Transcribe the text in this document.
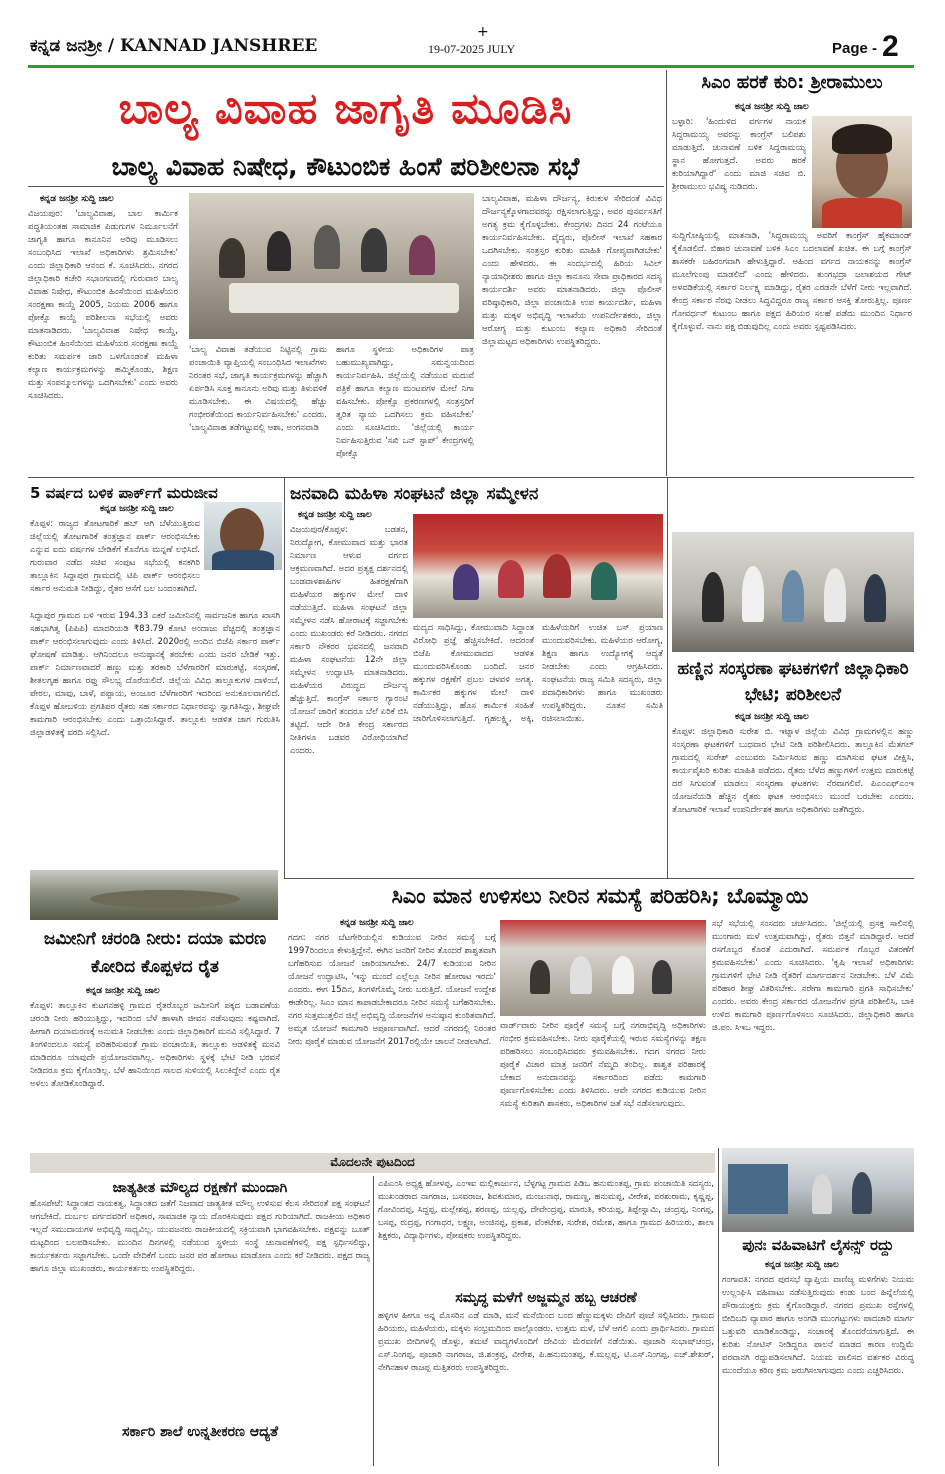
ಕನ್ನಡ ಜನಶ್ರೀ / KANNAD JANSHREE
+
19-07-2025 JULY	Page - 2
ಬಾಲ್ಯ ವಿವಾಹ ಜಾಗೃತಿ ಮೂಡಿಸಿ
ಬಾಲ್ಯ ವಿವಾಹ ನಿಷೇಧ, ಕೌಟುಂಬಿಕ ಹಿಂಸೆ ಪರಿಶೀಲನಾ ಸಭೆ
ಕನ್ನಡ ಜನಶ್ರೀ ಸುದ್ದಿ ಜಾಲ
ವಿಜಯಪುರ: 'ಬಾಲ್ಯವಿವಾಹ, ಬಾಲ ಕಾರ್ಮಿಕ ಪದ್ಧತಿಯಂತಹ ಸಾಮಾಜಿಕ ಪಿಡುಗುಗಳ ನಿರ್ಮೂಲನೆಗೆ ಜಾಗೃತಿ ಹಾಗೂ ಕಾನೂನಿನ ಅರಿವು ಮೂಡಿಸಲು ಸಂಬಂಧಿಸಿದ ಇಲಾಖೆ ಅಧಿಕಾರಿಗಳು ಶ್ರಮಿಸಬೇಕು' ಎಂದು ಜಿಲ್ಲಾಧಿಕಾರಿ ಆನಂದ ಕೆ. ಸೂಚಿಸಿದರು. ನಗರದ ಜಿಲ್ಲಾಧಿಕಾರಿ ಕಚೇರಿ ಸಭಾಂಗಣದಲ್ಲಿ ಗುರುವಾರ ಬಾಲ್ಯ ವಿವಾಹ ನಿಷೇಧ, ಕೌಟುಂಬಿಕ ಹಿಂಸೆಯಿಂದ ಮಹಿಳೆಯರ ಸಂರಕ್ಷಣಾ ಕಾಯ್ದೆ 2005, ನಿಯಮ 2006 ಹಾಗೂ ಪೋಕ್ಸೊ ಕಾಯ್ದೆ ಪರಿಶೀಲನಾ ಸಭೆಯಲ್ಲಿ ಅವರು ಮಾತನಾಡಿದರು. 'ಬಾಲ್ಯವಿವಾಹ ನಿಷೇಧ ಕಾಯ್ದೆ, ಕೌಟುಂಬಿಕ ಹಿಂಸೆಯಿಂದ ಮಹಿಳೆಯರ ಸಂರಕ್ಷಣಾ ಕಾಯ್ದೆ ಕುರಿತು ಸಮರ್ಪಕ ಜಾರಿ ಒಳಗೊಂಡಂತೆ ಮಹಿಳಾ ಕಲ್ಯಾಣ ಕಾರ್ಯಕ್ರಮಗಳನ್ನು ಹಮ್ಮಿಕೊಂಡು, ಶಿಕ್ಷಣ ಮತ್ತು ಸಂಪನ್ಮೂಲಗಳನ್ನು ಒದಗಿಸಬೇಕು' ಎಂದು ಅವರು ಸೂಚಿಸಿದರು.
'ಬಾಲ್ಯ ವಿವಾಹ ತಡೆಯುವ ನಿಟ್ಟಿನಲ್ಲಿ ಗ್ರಾಮ ಪಂಚಾಯಿತಿ ವ್ಯಾಪ್ತಿಯಲ್ಲಿ ಸಂಬಂಧಿಸಿದ ಇಲಾಖೆಗಳು ನಿರಂತರ ಸಭೆ, ಜಾಗೃತಿ ಕಾರ್ಯಕ್ರಮಗಳನ್ನು ಹೆಚ್ಚಾಗಿ ಏರ್ಪಡಿಸಿ ಸೂಕ್ತ ಕಾನೂನು ಅರಿವು ಮತ್ತು ತಿಳುವಳಿಕೆ ಮೂಡಿಸಬೇಕು. ಈ ವಿಷಯದಲ್ಲಿ ಹೆಚ್ಚು ಗಂಭೀರತೆಯಿಂದ ಕಾರ್ಯನಿರ್ವಹಿಸಬೇಕು' ಎಂದರು. 'ಬಾಲ್ಯವಿವಾಹ ತಡೆಗಟ್ಟುವಲ್ಲಿ ಆಶಾ, ಅಂಗನವಾಡಿ
ಹಾಗೂ ಸ್ಥಳೀಯ ಅಧಿಕಾರಿಗಳ ಪಾತ್ರ ಬಹುಮುಖ್ಯವಾಗಿದ್ದು, ಸಮನ್ವಯದಿಂದ ಕಾರ್ಯನಿರ್ವಹಿಸಿ. ಜಿಲ್ಲೆಯಲ್ಲಿ ನಡೆಯುವ ಮದುವೆ ಪತ್ರಿಕೆ ಹಾಗೂ ಕಲ್ಯಾಣ ಮಂಟಪಗಳ ಮೇಲೆ ನಿಗಾ ವಹಿಸಬೇಕು. ಪೋಕ್ಸೊ ಪ್ರಕರಣಗಳಲ್ಲಿ ಸಂತ್ರಸ್ತರಿಗೆ ತ್ವರಿತ ನ್ಯಾಯ ಒದಗಿಸಲು ಕ್ರಮ ವಹಿಸಬೇಕು' ಎಂದು ಸೂಚಿಸಿದರು. 'ಜಿಲ್ಲೆಯಲ್ಲಿ ಕಾರ್ಯ ನಿರ್ವಹಿಸುತ್ತಿರುವ 'ಸಖಿ ಒನ್ ಸ್ಟಾಪ್' ಕೇಂದ್ರಗಳಲ್ಲಿ ಪೋಕ್ಸೊ
ಬಾಲ್ಯವಿವಾಹ, ಮಹಿಳಾ ದೌರ್ಜನ್ಯ, ಕಿರುಕುಳ ಸೇರಿದಂತೆ ವಿವಿಧ ದೌರ್ಜನ್ಯಕ್ಕೊಳಗಾದವರನ್ನು ರಕ್ಷಿಸಲಾಗುತ್ತಿದ್ದು, ಅವರ ಪುನರ್ವಸತಿಗೆ ಅಗತ್ಯ ಕ್ರಮ ಕೈಗೊಳ್ಳಬೇಕು. ಕೇಂದ್ರಗಳು ದಿನದ 24 ಗಂಟೆಯೂ ಕಾರ್ಯನಿರ್ವಹಿಸಬೇಕು. ವೈದ್ಯರು, ಪೊಲೀಸ್ ಇಲಾಖೆ ಸಹಕಾರ ಒದಗಿಸಬೇಕು. ಸಂತ್ರಸ್ತರ ಕುರಿತು ಮಾಹಿತಿ ಗೋಪ್ಯವಾಗಿಡಬೇಕು' ಎಂದು ಹೇಳಿದರು. ಈ ಸಂದರ್ಭದಲ್ಲಿ ಹಿರಿಯ ಸಿವಿಲ್ ನ್ಯಾಯಾಧೀಶರು ಹಾಗೂ ಜಿಲ್ಲಾ ಕಾನೂನು ಸೇವಾ ಪ್ರಾಧಿಕಾರದ ಸದಸ್ಯ ಕಾರ್ಯದರ್ಶಿ ಅವರು ಮಾತನಾಡಿದರು. ಜಿಲ್ಲಾ ಪೊಲೀಸ್ ವರಿಷ್ಠಾಧಿಕಾರಿ, ಜಿಲ್ಲಾ ಪಂಚಾಯಿತಿ ಉಪ ಕಾರ್ಯದರ್ಶಿ, ಮಹಿಳಾ ಮತ್ತು ಮಕ್ಕಳ ಅಭಿವೃದ್ಧಿ ಇಲಾಖೆಯ ಉಪನಿರ್ದೇಶಕರು, ಜಿಲ್ಲಾ ಆರೋಗ್ಯ ಮತ್ತು ಕುಟುಂಬ ಕಲ್ಯಾಣ ಅಧಿಕಾರಿ ಸೇರಿದಂತೆ ಜಿಲ್ಲಾಮಟ್ಟದ ಅಧಿಕಾರಿಗಳು ಉಪಸ್ಥಿತರಿದ್ದರು.
ಸಿಎಂ ಹರಕೆ ಕುರಿ: ಶ್ರೀರಾಮುಲು
ಕನ್ನಡ ಜನಶ್ರೀ ಸುದ್ದಿ ಜಾಲ
ಬಳ್ಳಾರಿ: 'ಹಿಂದುಳಿದ ವರ್ಗಗಳ ನಾಯಕ ಸಿದ್ದರಾಮಯ್ಯ ಅವರನ್ನು ಕಾಂಗ್ರೆಸ್ ಬಲಿಪಶು ಮಾಡುತ್ತಿದೆ. ಚುನಾವಣೆ ಬಳಿಕ ಸಿದ್ದರಾಮಯ್ಯ ಸ್ಥಾನ ಹೋಗುತ್ತದೆ. ಅವರು ಹರಕೆ ಕುರಿಯಾಗಿದ್ದಾರೆ' ಎಂದು ಮಾಜಿ ಸಚಿವ ಬಿ. ಶ್ರೀರಾಮುಲು ಭವಿಷ್ಯ ನುಡಿದರು.
ಸುದ್ದಿಗೋಷ್ಠಿಯಲ್ಲಿ ಮಾತನಾಡಿ, 'ಸಿದ್ದರಾಮಯ್ಯ ಅವರಿಗೆ ಕಾಂಗ್ರೆಸ್ ಹೈಕಮಾಂಡ್ ಕೈಕೊಡಲಿದೆ. ಬಿಹಾರ ಚುನಾವಣೆ ಬಳಿಕ ಸಿಎಂ ಬದಲಾವಣೆ ಖಚಿತ. ಈ ಬಗ್ಗೆ ಕಾಂಗ್ರೆಸ್ ಶಾಸಕರೇ ಬಹಿರಂಗವಾಗಿ ಹೇಳುತ್ತಿದ್ದಾರೆ. ಅಹಿಂದ ವರ್ಗದ ನಾಯಕನನ್ನು ಕಾಂಗ್ರೆಸ್ ಮೂಲೆಗುಂಪು ಮಾಡಲಿದೆ' ಎಂದು ಹೇಳಿದರು. ತುಂಗಭದ್ರಾ ಜಲಾಶಯದ ಗೇಟ್ ಅಳವಡಿಕೆಯಲ್ಲಿ ಸರ್ಕಾರ ನಿರ್ಲಕ್ಷ್ಯ ಮಾಡಿದ್ದು, ರೈತರ ಎರಡನೇ ಬೆಳೆಗೆ ನೀರು ಇಲ್ಲವಾಗಿದೆ. ಕೇಂದ್ರ ಸರ್ಕಾರ ನೆರವು ನೀಡಲು ಸಿದ್ಧವಿದ್ದರೂ ರಾಜ್ಯ ಸರ್ಕಾರ ಆಸಕ್ತಿ ತೋರುತ್ತಿಲ್ಲ. ಪೂರ್ಣ ಗೋವರ್ಧನ್ ಕುಟುಂಬ ಹಾಗೂ ಪಕ್ಷದ ಹಿರಿಯರ ಸಲಹೆ ಪಡೆದು ಮುಂದಿನ ನಿರ್ಧಾರ ಕೈಗೊಳ್ಳುವೆ. ನಾನು ಪಕ್ಷ ಬಿಡುವುದಿಲ್ಲ ಎಂದು ಅವರು ಸ್ಪಷ್ಟಪಡಿಸಿದರು.
5 ವರ್ಷದ ಬಳಿಕ ಪಾರ್ಕ್‌ಗೆ ಮರುಜೀವ
ಕನ್ನಡ ಜನಶ್ರೀ ಸುದ್ದಿ ಜಾಲ
ಕೊಪ್ಪಳ: ರಾಜ್ಯದ ತೋಟಗಾರಿಕೆ ಹಬ್ ಆಗಿ ಬೆಳೆಯುತ್ತಿರುವ ಜಿಲ್ಲೆಯಲ್ಲಿ ತೋಟಗಾರಿಕೆ ತಂತ್ರಜ್ಞಾನ ಪಾರ್ಕ್ ಆರಂಭಿಸಬೇಕು ಎನ್ನುವ ಐದು ವರ್ಷಗಳ ಬೇಡಿಕೆಗೆ ಕೊನೆಗೂ ಮನ್ನಣೆ ಲಭಿಸಿದೆ. ಗುರುವಾರ ನಡೆದ ಸಚಿವ ಸಂಪುಟ ಸಭೆಯಲ್ಲಿ ಕನಕಗಿರಿ ತಾಲ್ಲೂಕಿನ ಸಿದ್ದಾಪುರ ಗ್ರಾಮದಲ್ಲಿ ಟಿಪಿ ಪಾರ್ಕ್ ಆರಂಭಿಸಲು ಸರ್ಕಾರ ಅನುಮತಿ ನೀಡಿದ್ದು, ರೈತರ ಆಸೆಗೆ ಬಲ ಬಂದಂತಾಗಿದೆ.
ಸಿದ್ದಾಪುರ ಗ್ರಾಮದ ಬಳಿ ಇರುವ 194.33 ಎಕರೆ ಜಮೀನಿನಲ್ಲಿ ಸಾರ್ವಜನಿಕ ಹಾಗೂ ಖಾಸಗಿ ಸಹಭಾಗಿತ್ವ (ಪಿಪಿಪಿ) ಮಾದರಿಯಡಿ ₹83.79 ಕೋಟಿ ಅಂದಾಜು ವೆಚ್ಚದಲ್ಲಿ ತಂತ್ರಜ್ಞಾನ ಪಾರ್ಕ್ ಆರಂಭಿಸಲಾಗುವುದು ಎಂದು ತಿಳಿಸಿದೆ. 2020ರಲ್ಲಿ ಅಂದಿನ ಬಿಜೆಪಿ ಸರ್ಕಾರ ಪಾರ್ಕ್ ಘೋಷಣೆ ಮಾಡಿತ್ತು. ಆಗಿನಿಂದಲೂ ಅನುಷ್ಠಾನಕ್ಕೆ ತರಬೇಕು ಎಂದು ಜನರ ಬೇಡಿಕೆ ಇತ್ತು. ಪಾರ್ಕ್ ನಿರ್ಮಾಣವಾದರೆ ಹಣ್ಣು ಮತ್ತು ತರಕಾರಿ ಬೆಳೆಗಾರರಿಗೆ ಮಾರುಕಟ್ಟೆ, ಸಂಸ್ಕರಣೆ, ಶೀತಲಗೃಹ ಹಾಗೂ ರಫ್ತು ಸೌಲಭ್ಯ ದೊರೆಯಲಿದೆ. ಜಿಲ್ಲೆಯ ವಿವಿಧ ತಾಲ್ಲೂಕುಗಳ ದಾಳಿಂಬೆ, ಪೇರಲ, ಮಾವು, ಬಾಳೆ, ಪಪ್ಪಾಯ, ಅಂಜೂರ ಬೆಳೆಗಾರರಿಗೆ ಇದರಿಂದ ಅನುಕೂಲವಾಗಲಿದೆ. ಕೊಪ್ಪಳ ಹೋಬಳಿಯ ಪ್ರಗತಿಪರ ರೈತರು ಸಹ ಸರ್ಕಾರದ ನಿರ್ಧಾರವನ್ನು ಸ್ವಾಗತಿಸಿದ್ದು, ಶೀಘ್ರವೇ ಕಾಮಗಾರಿ ಆರಂಭಿಸಬೇಕು ಎಂದು ಒತ್ತಾಯಿಸಿದ್ದಾರೆ. ತಾಲ್ಲೂಕು ಆಡಳಿತ ಜಾಗ ಗುರುತಿಸಿ ಜಿಲ್ಲಾಡಳಿತಕ್ಕೆ ವರದಿ ಸಲ್ಲಿಸಿದೆ.
ಜಮೀನಿಗೆ ಚರಂಡಿ ನೀರು: ದಯಾ ಮರಣ ಕೋರಿದ ಕೊಪ್ಪಳದ ರೈತ
ಕನ್ನಡ ಜನಶ್ರೀ ಸುದ್ದಿ ಜಾಲ
ಕೊಪ್ಪಳ: ತಾಲ್ಲೂಕಿನ ಕುಟಗನಹಳ್ಳಿ ಗ್ರಾಮದ ರೈತರೊಬ್ಬರ ಜಮೀನಿಗೆ ಪಕ್ಕದ ಬಡಾವಣೆಯ ಚರಂಡಿ ನೀರು ಹರಿಯುತ್ತಿದ್ದು, ಇದರಿಂದ ಬೆಳೆ ಹಾಳಾಗಿ ಜೀವನ ನಡೆಸುವುದು ಕಷ್ಟವಾಗಿದೆ. ಹೀಗಾಗಿ ದಯಾಮರಣಕ್ಕೆ ಅನುಮತಿ ನೀಡಬೇಕು ಎಂದು ಜಿಲ್ಲಾಧಿಕಾರಿಗೆ ಮನವಿ ಸಲ್ಲಿಸಿದ್ದಾರೆ. 7 ತಿಂಗಳಿಂದಲೂ ಸಮಸ್ಯೆ ಪರಿಹರಿಸುವಂತೆ ಗ್ರಾಮ ಪಂಚಾಯಿತಿ, ತಾಲ್ಲೂಕು ಆಡಳಿತಕ್ಕೆ ಮನವಿ ಮಾಡಿದರೂ ಯಾವುದೇ ಪ್ರಯೋಜನವಾಗಿಲ್ಲ. ಅಧಿಕಾರಿಗಳು ಸ್ಥಳಕ್ಕೆ ಭೇಟಿ ನೀಡಿ ಭರವಸೆ ನೀಡಿದರೂ ಕ್ರಮ ಕೈಗೊಂಡಿಲ್ಲ. ಬೆಳೆ ಹಾನಿಯಿಂದ ಸಾಲದ ಸುಳಿಯಲ್ಲಿ ಸಿಲುಕಿದ್ದೇನೆ ಎಂದು ರೈತ ಅಳಲು ತೋಡಿಕೊಂಡಿದ್ದಾರೆ.
ಜನವಾದಿ ಮಹಿಳಾ ಸಂಘಟನೆ ಜಿಲ್ಲಾ ಸಮ್ಮೇಳನ
ಕನ್ನಡ ಜನಶ್ರೀ ಸುದ್ದಿ ಜಾಲ
ವಿಜಯಪುರ/ಕೊಪ್ಪಳ: ಬಡತನ, ನಿರುದ್ಯೋಗ, ಕೋಮುವಾದ ಮತ್ತು ಭಾರತ ನಿರ್ಮಾಣ ಆಳುವ ವರ್ಗದ ಆಕ್ರಮಣವಾಗಿದೆ. ಅದರ ಪ್ರತ್ಯಕ್ಷ ದರ್ಶನದಲ್ಲಿ ಬಂಡವಾಳಶಾಹಿಗಳ ಹಿತರಕ್ಷಣೆಗಾಗಿ ಮಹಿಳೆಯರ ಹಕ್ಕುಗಳ ಮೇಲೆ ದಾಳಿ ನಡೆಯುತ್ತಿದೆ. ಮಹಿಳಾ ಸಂಘಟನೆ ಜಿಲ್ಲಾ ಸಮ್ಮೇಳನ ನಡೆಸಿ ಹೋರಾಟಕ್ಕೆ ಸಜ್ಜಾಗಬೇಕು ಎಂದು ಮುಖಂಡರು ಕರೆ ನೀಡಿದರು. ನಗರದ ಸರ್ಕಾರಿ ನೌಕರರ ಭವನದಲ್ಲಿ ಜನವಾದಿ ಮಹಿಳಾ ಸಂಘಟನೆಯ 12ನೇ ಜಿಲ್ಲಾ ಸಮ್ಮೇಳನ ಉದ್ಘಾಟಿಸಿ ಮಾತನಾಡಿದರು. ಮಹಿಳೆಯರ ವಿರುದ್ಧದ ದೌರ್ಜನ್ಯ ಹೆಚ್ಚುತ್ತಿದೆ. ಕಾಂಗ್ರೆಸ್ ಸರ್ಕಾರ ಗ್ಯಾರಂಟಿ ಯೋಜನೆ ಜಾರಿಗೆ ತಂದರೂ ಬೆಲೆ ಏರಿಕೆ ಬಿಸಿ ತಟ್ಟಿದೆ. ಆದೇ ರೀತಿ ಕೇಂದ್ರ ಸರ್ಕಾರದ ನೀತಿಗಳೂ ಬಡವರ ವಿರೋಧಿಯಾಗಿವೆ ಎಂದರು.
ಮದ್ಯದ ಸಾಧಿಸಿದ್ದು, ಕೋಮುವಾದಿ ಸಿದ್ಧಾಂತ ವಿರೋಧಿ ಪ್ರಜ್ಞೆ ಹೆಚ್ಚಿಸಬೇಕಿದೆ. ಆದರಂತೆ ಬಿಜೆಪಿ ಕೋಮುವಾದದ ಆಡಳಿತ ಮುಂದುವರಿಸಿಕೊಂಡು ಬಂದಿದೆ. ಜನರ ಹಕ್ಕುಗಳ ರಕ್ಷಣೆಗೆ ಪ್ರಬಲ ಚಳವಳಿ ಅಗತ್ಯ. ಕಾರ್ಮಿಕರ ಹಕ್ಕುಗಳ ಮೇಲೆ ದಾಳಿ ನಡೆಯುತ್ತಿದ್ದು, ಹೊಸ ಕಾರ್ಮಿಕ ಸಂಹಿತೆ ಜಾರಿಗೊಳಿಸಲಾಗುತ್ತಿದೆ. ಗೃಹಲಕ್ಷ್ಮಿ, ಅಕ್ಕಿ, ಮಹಿಳೆಯರಿಗೆ ಉಚಿತ ಬಸ್ ಪ್ರಯಾಣ ಮುಂದುವರಿಸಬೇಕು. ಮಹಿಳೆಯರ ಆರೋಗ್ಯ, ಶಿಕ್ಷಣ ಹಾಗೂ ಉದ್ಯೋಗಕ್ಕೆ ಆದ್ಯತೆ ನೀಡಬೇಕು ಎಂದು ಆಗ್ರಹಿಸಿದರು. ಸಂಘಟನೆಯ ರಾಜ್ಯ ಸಮಿತಿ ಸದಸ್ಯರು, ಜಿಲ್ಲಾ ಪದಾಧಿಕಾರಿಗಳು ಹಾಗೂ ಮುಖಂಡರು ಉಪಸ್ಥಿತರಿದ್ದರು. ನೂತನ ಸಮಿತಿ ರಚಿಸಲಾಯಿತು.
ಹಣ್ಣಿನ ಸಂಸ್ಕರಣಾ ಘಟಕಗಳಿಗೆ ಜಿಲ್ಲಾಧಿಕಾರಿ ಭೇಟಿ; ಪರಿಶೀಲನೆ
ಕನ್ನಡ ಜನಶ್ರೀ ಸುದ್ದಿ ಜಾಲ
ಕೊಪ್ಪಳ: ಜಿಲ್ಲಾಧಿಕಾರಿ ಸುರೇಶ ಬಿ. ಇಟ್ನಾಳ ಜಿಲ್ಲೆಯ ವಿವಿಧ ಗ್ರಾಮಗಳಲ್ಲಿನ ಹಣ್ಣು ಸಂಸ್ಕರಣಾ ಘಟಕಗಳಿಗೆ ಬುಧವಾರ ಭೇಟಿ ನೀಡಿ ಪರಿಶೀಲಿಸಿದರು. ತಾಲ್ಲೂಕಿನ ಮೆತಗಲ್ ಗ್ರಾಮದಲ್ಲಿ ಸುರೇಶ್ ಎಂಬುವರು ನಿರ್ಮಿಸಿರುವ ಹಣ್ಣು ಮಾಗಿಸುವ ಘಟಕ ವೀಕ್ಷಿಸಿ, ಕಾರ್ಯವೈಖರಿ ಕುರಿತು ಮಾಹಿತಿ ಪಡೆದರು. ರೈತರು ಬೆಳೆದ ಹಣ್ಣುಗಳಿಗೆ ಉತ್ತಮ ಮಾರುಕಟ್ಟೆ ದರ ಸಿಗುವಂತೆ ಮಾಡಲು ಸಂಸ್ಕರಣಾ ಘಟಕಗಳು ನೆರವಾಗಲಿವೆ. ಪಿಎಂಎಫ್‌ಎಂಇ ಯೋಜನೆಯಡಿ ಹೆಚ್ಚಿನ ರೈತರು ಘಟಕ ಆರಂಭಿಸಲು ಮುಂದೆ ಬರಬೇಕು ಎಂದರು. ತೋಟಗಾರಿಕೆ ಇಲಾಖೆ ಉಪನಿರ್ದೇಶಕ ಹಾಗೂ ಅಧಿಕಾರಿಗಳು ಜತೆಗಿದ್ದರು.
ಸಿಎಂ ಮಾನ ಉಳಿಸಲು ನೀರಿನ ಸಮಸ್ಯೆ ಪರಿಹರಿಸಿ; ಬೊಮ್ಮಾಯಿ
ಕನ್ನಡ ಜನಶ್ರೀ ಸುದ್ದಿ ಜಾಲ
ಗದಗ: ನಗರ ಬೆಟಗೇರಿಯಲ್ಲಿನ ಕುಡಿಯುವ ನೀರಿನ ಸಮಸ್ಯೆ ಬಗ್ಗೆ 1997ರಿಂದಲೂ ಕೇಳುತ್ತಿದ್ದೇನೆ. ಈಗಿನ ಜನರಿಗೆ ನೀರಿನ ತೊಂದರೆ ಶಾಶ್ವತವಾಗಿ ಬಗೆಹರಿಸುವ ಯೋಜನೆ ಜಾರಿಯಾಗಬೇಕು. 24/7 ಕುಡಿಯುವ ನೀರಿನ ಯೋಜನೆ ಉದ್ಘಾಟಿಸಿ, 'ಇನ್ನು ಮುಂದೆ ಎಲ್ಲೆಲ್ಲೂ ನೀರಿನ ಹೋರಾಟ ಇರದು' ಎಂದರು. ಈಗ 15ದಿನ, ತಿಂಗಳಿಗೊಮ್ಮೆ ನೀರು ಬರುತ್ತಿದೆ. ಯೋಜನೆ ಉದ್ದೇಶ ಈಡೇರಿಲ್ಲ. ಸಿಎಂ ಮಾನ ಕಾಪಾಡಬೇಕಾದರೂ ನೀರಿನ ಸಮಸ್ಯೆ ಬಗೆಹರಿಸಬೇಕು. ನಗರ ಸುತ್ತಮುತ್ತಲಿನ ಜಿಲ್ಲೆ ಅಭಿವೃದ್ಧಿ ಯೋಜನೆಗಳ ಅನುಷ್ಠಾನ ಕುಂಠಿತವಾಗಿದೆ. ಅಮೃತ ಯೋಜನೆ ಕಾಮಗಾರಿ ಅಪೂರ್ಣವಾಗಿದೆ. ಆದರೆ ನಗರದಲ್ಲಿ ನಿರಂತರ ನೀರು ಪೂರೈಕೆ ಮಾಡುವ ಯೋಜನೆಗೆ 2017ರಲ್ಲಿಯೇ ಚಾಲನೆ ನೀಡಲಾಗಿದೆ.
ವಾರ್ಡ್‌ವಾರು ನೀರಿನ ಪೂರೈಕೆ ಸಮಸ್ಯೆ ಬಗ್ಗೆ ನಗರಾಭಿವೃದ್ಧಿ ಅಧಿಕಾರಿಗಳು ಗಂಭೀರ ಕ್ರಮವಹಿಸಬೇಕು. ನೀರು ಪೂರೈಕೆಯಲ್ಲಿ ಇರುವ ಸಮಸ್ಯೆಗಳನ್ನು ತಕ್ಷಣ ಪರಿಹರಿಸಲು ಸಂಬಂಧಿಸಿದವರು ಕ್ರಮವಹಿಸಬೇಕು. ಗದಗ ನಗರದ ನೀರು ಪೂರೈಕೆ ವಿಚಾರ ಮಾತ್ರ ಜನರಿಗೆ ನೆಮ್ಮದಿ ತಂದಿಲ್ಲ. ಶಾಶ್ವತ ಪರಿಹಾರಕ್ಕೆ ಬೇಕಾದ ಅನುದಾನವನ್ನು ಸರ್ಕಾರದಿಂದ ಪಡೆದು ಕಾಮಗಾರಿ ಪೂರ್ಣಗೊಳಿಸಬೇಕು ಎಂದು ತಿಳಿಸಿದರು. ಆವೇ ನಗರದ ಕುಡಿಯುವ ನೀರಿನ ಸಮಸ್ಯೆ ಕುರಿತಾಗಿ ಶಾಸಕರು, ಅಧಿಕಾರಿಗಳ ಜತೆ ಸಭೆ ನಡೆಸಲಾಗುವುದು.
ಸಭೆ ಸಭೆಯಲ್ಲಿ ಸಂಸದರು ಚರ್ಚಿಸಿದರು. 'ಜಿಲ್ಲೆಯಲ್ಲಿ ಪ್ರಸಕ್ತ ಸಾಲಿನಲ್ಲಿ ಮುಂಗಾರು ಮಳೆ ಉತ್ತಮವಾಗಿದ್ದು, ರೈತರು ಬಿತ್ತನೆ ಮಾಡಿದ್ದಾರೆ. ಆದರೆ ರಸಗೊಬ್ಬರ ಕೊರತೆ ಎದುರಾಗಿದೆ. ಸಮರ್ಪಕ ಗೊಬ್ಬರ ವಿತರಣೆಗೆ ಕ್ರಮವಹಿಸಬೇಕು' ಎಂದು ಸೂಚಿಸಿದರು. 'ಕೃಷಿ ಇಲಾಖೆ ಅಧಿಕಾರಿಗಳು ಗ್ರಾಮಗಳಿಗೆ ಭೇಟಿ ನೀಡಿ ರೈತರಿಗೆ ಮಾರ್ಗದರ್ಶನ ನೀಡಬೇಕು. ಬೆಳೆ ವಿಮೆ ಪರಿಹಾರ ಶೀಘ್ರ ವಿತರಿಸಬೇಕು. ನರೇಗಾ ಕಾಮಗಾರಿ ಪ್ರಗತಿ ಸಾಧಿಸಬೇಕು' ಎಂದರು. ಅವರು ಕೇಂದ್ರ ಸರ್ಕಾರದ ಯೋಜನೆಗಳ ಪ್ರಗತಿ ಪರಿಶೀಲಿಸಿ, ಬಾಕಿ ಉಳಿದ ಕಾಮಗಾರಿ ಪೂರ್ಣಗೊಳಿಸಲು ಸೂಚಿಸಿದರು. ಜಿಲ್ಲಾಧಿಕಾರಿ ಹಾಗೂ ಜಿ.ಪಂ. ಸಿಇಒ ಇದ್ದರು.
ಮೊದಲನೇ ಪುಟದಿಂದ
ಜಾತ್ಯತೀತ ಮೌಲ್ಯದ ರಕ್ಷಣೆಗೆ ಮುಂದಾಗಿ
ಹೊಸಪೇಟೆ: ಸಿದ್ಧಾಂತದ ನಾಯಕತ್ವ, ಸಿದ್ಧಾಂತದ ಜತೆಗೆ ನಿಜವಾದ ಜಾತ್ಯತೀತ ಮೌಲ್ಯ ಉಳಿಸುವ ಕೆಲಸ ಸೇರಿದಂತೆ ಪಕ್ಷ ಸಂಘಟನೆ ಆಗಬೇಕಿದೆ. ದುರ್ಬಲ ವರ್ಗದವರಿಗೆ ಅಧಿಕಾರ, ಸಾಮಾಜಿಕ ನ್ಯಾಯ ದೊರಕಿಸುವುದು ಪಕ್ಷದ ಗುರಿಯಾಗಿದೆ. ರಾಜಕೀಯ ಅಧಿಕಾರ ಇಲ್ಲದೆ ಸಮುದಾಯಗಳ ಅಭಿವೃದ್ಧಿ ಸಾಧ್ಯವಿಲ್ಲ. ಯುವಜನರು ರಾಜಕೀಯದಲ್ಲಿ ಸಕ್ರಿಯವಾಗಿ ಭಾಗವಹಿಸಬೇಕು. ಪಕ್ಷವನ್ನು ಬೂತ್ ಮಟ್ಟದಿಂದ ಬಲಪಡಿಸಬೇಕು. ಮುಂದಿನ ದಿನಗಳಲ್ಲಿ ನಡೆಯುವ ಸ್ಥಳೀಯ ಸಂಸ್ಥೆ ಚುನಾವಣೆಗಳಲ್ಲಿ ಪಕ್ಷ ಸ್ಪರ್ಧಿಸಲಿದ್ದು, ಕಾರ್ಯಕರ್ತರು ಸಜ್ಜಾಗಬೇಕು. ಒಂದೇ ವೇದಿಕೆಗೆ ಬಂದು ಜನರ ಪರ ಹೋರಾಟ ಮಾಡೋಣ ಎಂದು ಕರೆ ನೀಡಿದರು. ಪಕ್ಷದ ರಾಜ್ಯ ಹಾಗೂ ಜಿಲ್ಲಾ ಮುಖಂಡರು, ಕಾರ್ಯಕರ್ತರು ಉಪಸ್ಥಿತರಿದ್ದರು.
ಸರ್ಕಾರಿ ಶಾಲೆ ಉನ್ನತೀಕರಣ ಆದ್ಯತೆ
ಎಪಿಎಂಸಿ ಅಧ್ಯಕ್ಷ ಹೋಳಪ್ಪ, ಎಂಇಐ ಮಲ್ಲಿಕಾರ್ಜುನ, ಬೆಳ್ಳಗಟ್ಟ ಗ್ರಾಮದ ಪಿಡಿಒ ಹನುಮಂತಪ್ಪ, ಗ್ರಾಮ ಪಂಚಾಯಿತಿ ಸದಸ್ಯರು, ಮುಖಂಡರಾದ ನಾಗರಾಜ, ಬಸವರಾಜ, ಶಿವಕುಮಾರ, ಮಂಜುನಾಥ, ರಾಮಣ್ಣ, ಹನುಮಪ್ಪ, ವೀರೇಶ, ಪರಶುರಾಮ, ಕೃಷ್ಣಪ್ಪ, ಗೋವಿಂದಪ್ಪ, ಸಿದ್ದಪ್ಪ, ಮಲ್ಲೇಶಪ್ಪ, ಶರಣಪ್ಪ, ಯಲ್ಲಪ್ಪ, ದೇವೇಂದ್ರಪ್ಪ, ಮಾರುತಿ, ಕರಿಯಪ್ಪ, ತಿಪ್ಪೇಸ್ವಾಮಿ, ಚಂದ್ರಪ್ಪ, ನಿಂಗಪ್ಪ, ಬಸಪ್ಪ, ರುದ್ರಪ್ಪ, ಗಂಗಾಧರ, ಲಕ್ಷ್ಮಣ, ಅಂಜಿನಪ್ಪ, ಪ್ರಕಾಶ, ವೆಂಕಟೇಶ, ಸುರೇಶ, ರಮೇಶ, ಹಾಗೂ ಗ್ರಾಮದ ಹಿರಿಯರು, ಶಾಲಾ ಶಿಕ್ಷಕರು, ವಿದ್ಯಾರ್ಥಿಗಳು, ಪೋಷಕರು ಉಪಸ್ಥಿತರಿದ್ದರು.
ಸಮೃದ್ಧ ಮಳೆಗೆ ಅಜ್ಜಮ್ಮನ ಹಬ್ಬ ಆಚರಣೆ
ಹಳ್ಳಿಗಳ ಹೀಗೂ ಅನ್ನ ಮೊಸರಿನ ಎಡೆ ಮಾಡಿ, ಮನೆ ಮನೆಯಿಂದ ಬಂದ ಹೆಣ್ಣುಮಕ್ಕಳು ದೇವಿಗೆ ಪೂಜೆ ಸಲ್ಲಿಸಿದರು. ಗ್ರಾಮದ ಹಿರಿಯರು, ಮಹಿಳೆಯರು, ಮಕ್ಕಳು ಸಂಭ್ರಮದಿಂದ ಪಾಲ್ಗೊಂಡರು. ಉತ್ತಮ ಮಳೆ, ಬೆಳೆ ಆಗಲಿ ಎಂದು ಪ್ರಾರ್ಥಿಸಿದರು. ಗ್ರಾಮದ ಪ್ರಮುಖ ಬೀದಿಗಳಲ್ಲಿ ಡೊಳ್ಳು, ತಮಟೆ ವಾದ್ಯಗಳೊಂದಿಗೆ ದೇವಿಯ ಮೆರವಣಿಗೆ ನಡೆಯಿತು. ಪೂಜಾರಿ ಸುಭಾಷ್‌ಚಂದ್ರ, ಎಸ್.ನಿಂಗಪ್ಪ, ಪೂಜಾರಿ ನಾಗರಾಜ, ಜಿ.ಶಂಕ್ರಪ್ಪ, ವೀರೇಶ, ಪಿ.ಹನುಮಂತಪ್ಪ, ಕೆ.ಮಲ್ಲಪ್ಪ, ಟಿ.ಎಸ್.ನಿಂಗಪ್ಪ, ಎಚ್.ಶೇಖರ್, ನೇಗಿನಹಾಳ ರಾಜಪ್ಪ ಮತ್ತಿತರರು ಉಪಸ್ಥಿತರಿದ್ದರು.
ಪುನಃ ವಹಿವಾಟಿಗೆ ಲೈಸನ್ಸ್ ರದ್ದು
ಕನ್ನಡ ಜನಶ್ರೀ ಸುದ್ದಿ ಜಾಲ
ಗಂಗಾವತಿ: ನಗರದ ಪುರಸಭೆ ವ್ಯಾಪ್ತಿಯ ವಾಣಿಜ್ಯ ಮಳಿಗೆಗಳು ನಿಯಮ ಉಲ್ಲಂಘಿಸಿ ವಹಿವಾಟು ನಡೆಸುತ್ತಿರುವುದು ಕಂಡು ಬಂದ ಹಿನ್ನೆಲೆಯಲ್ಲಿ ಪೌರಾಯುಕ್ತರು ಕ್ರಮ ಕೈಗೊಂಡಿದ್ದಾರೆ. ನಗರದ ಪ್ರಮುಖ ರಸ್ತೆಗಳಲ್ಲಿ ಬೀದಿಬದಿ ವ್ಯಾಪಾರ ಹಾಗೂ ಅಂಗಡಿ ಮುಂಗಟ್ಟುಗಳು ಪಾದಚಾರಿ ಮಾರ್ಗ ಒತ್ತುವರಿ ಮಾಡಿಕೊಂಡಿದ್ದು, ಸಂಚಾರಕ್ಕೆ ತೊಂದರೆಯಾಗುತ್ತಿದೆ. ಈ ಕುರಿತು ನೋಟಿಸ್ ನೀಡಿದ್ದರೂ ಪಾಲನೆ ಮಾಡದ ಕಾರಣ ಉದ್ದಿಮೆ ಪರವಾನಗಿ ರದ್ದುಪಡಿಸಲಾಗಿದೆ. ನಿಯಮ ಪಾಲಿಸದ ವರ್ತಕರ ವಿರುದ್ಧ ಮುಂದೆಯೂ ಕಠಿಣ ಕ್ರಮ ಜರುಗಿಸಲಾಗುವುದು ಎಂದು ಎಚ್ಚರಿಸಿದರು.
